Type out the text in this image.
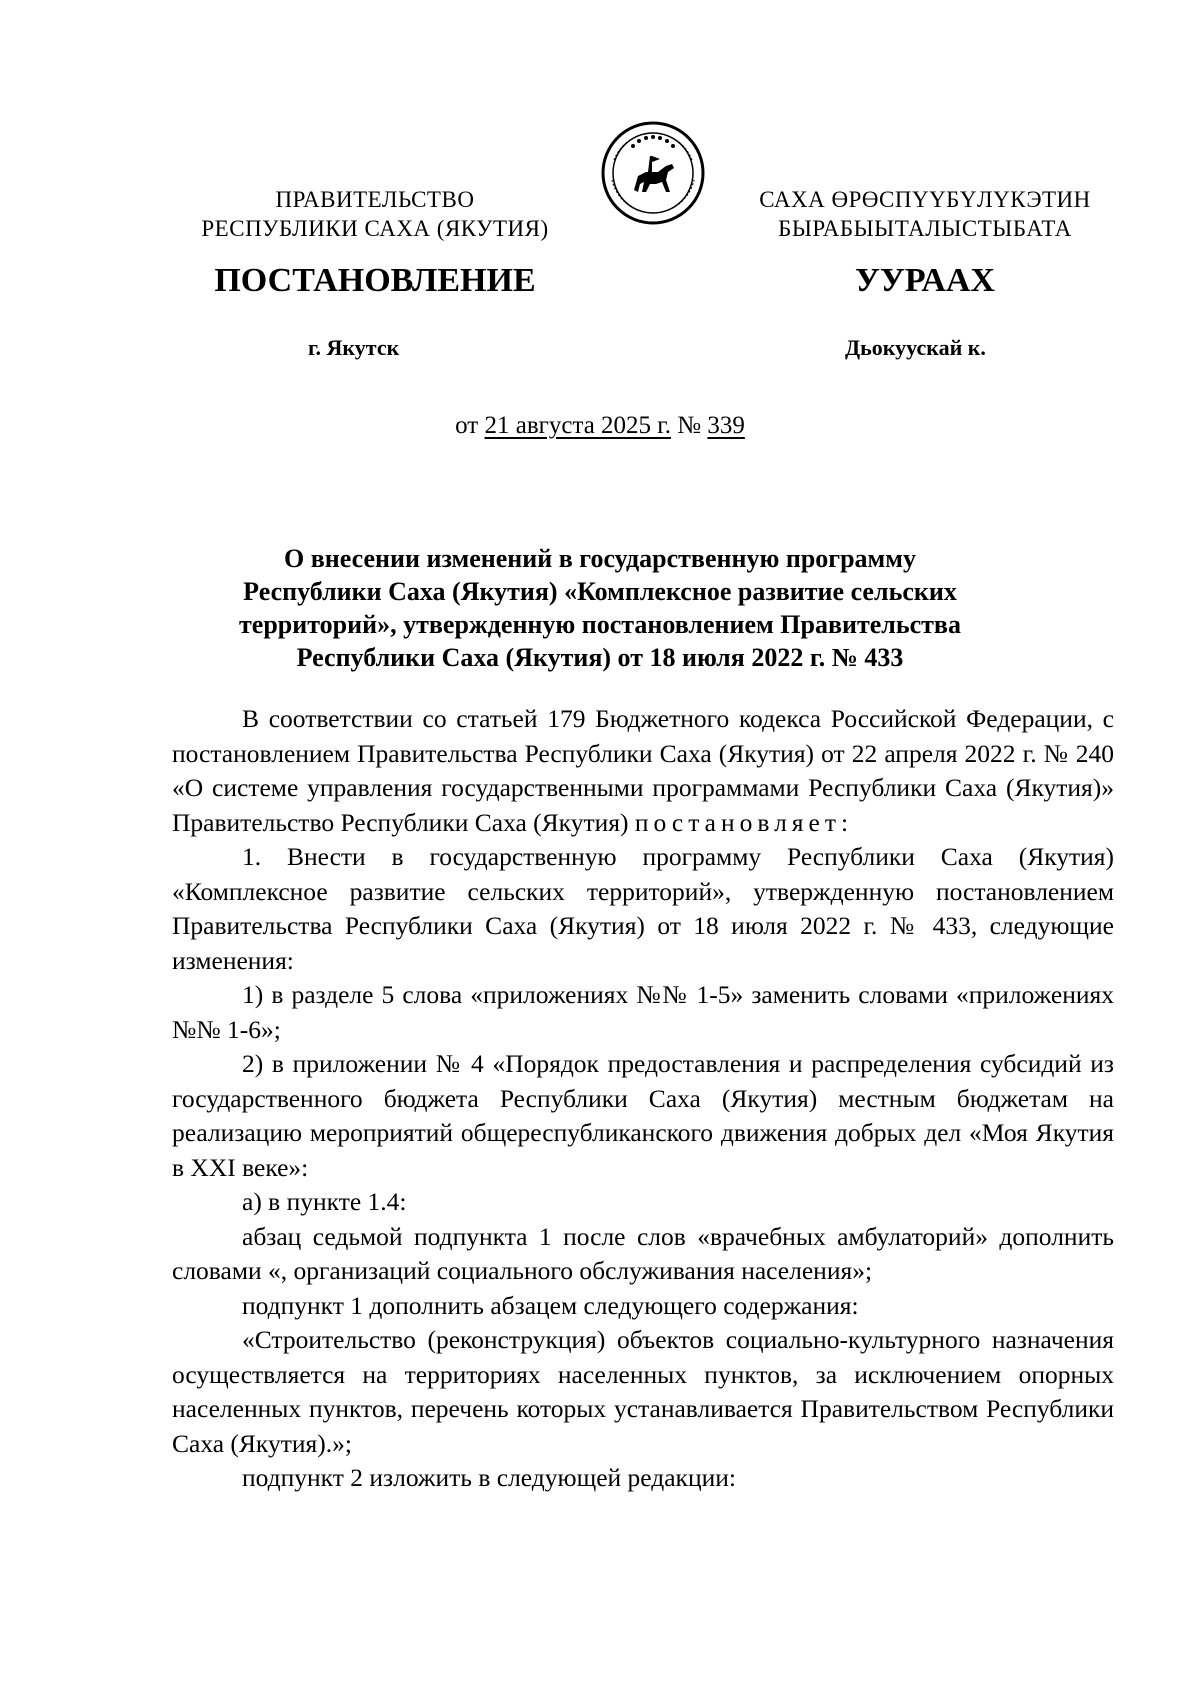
ПРАВИТЕЛЬСТВО
РЕСПУБЛИКИ САХА (ЯКУТИЯ)
САХА ӨРӨСПҮҮБҮЛҮКЭТИН
БЫРАБЫЫТАЛЫСТЫБАТА
ПОСТАНОВЛЕНИЕ	УУРААХ
г. Якутск	Дьокуускай к.
от 21 августа 2025 г. № 339
О внесении изменений в государственную программу
Республики Саха (Якутия) «Комплексное развитие сельских
территорий», утвержденную постановлением Правительства
Республики Саха (Якутия) от 18 июля 2022 г. № 433

В соответствии со статьей 179 Бюджетного кодекса Российской Федерации, с постановлением Правительства Республики Саха (Якутия) от 22 апреля 2022 г. № 240 «О системе управления государственными программами Республики Саха (Якутия)» Правительство Республики Саха (Якутия) постановляет:

1. Внести в государственную программу Республики Саха (Якутия) «Комплексное развитие сельских территорий», утвержденную постановлением Правительства Республики Саха (Якутия) от 18 июля 2022 г. № 433, следующие изменения:

1) в разделе 5 слова «приложениях №№ 1-5» заменить словами «приложениях №№ 1-6»;

2) в приложении № 4 «Порядок предоставления и распределения субсидий из государственного бюджета Республики Саха (Якутия) местным бюджетам на реализацию мероприятий общереспубликанского движения добрых дел «Моя Якутия в XXI веке»:

а) в пункте 1.4:

абзац седьмой подпункта 1 после слов «врачебных амбулаторий» дополнить словами «, организаций социального обслуживания населения»;

подпункт 1 дополнить абзацем следующего содержания:

«Строительство (реконструкция) объектов социально-культурного назначения осуществляется на территориях населенных пунктов, за исключением опорных населенных пунктов, перечень которых устанавливается Правительством Республики Саха (Якутия).»;

подпункт 2 изложить в следующей редакции:
